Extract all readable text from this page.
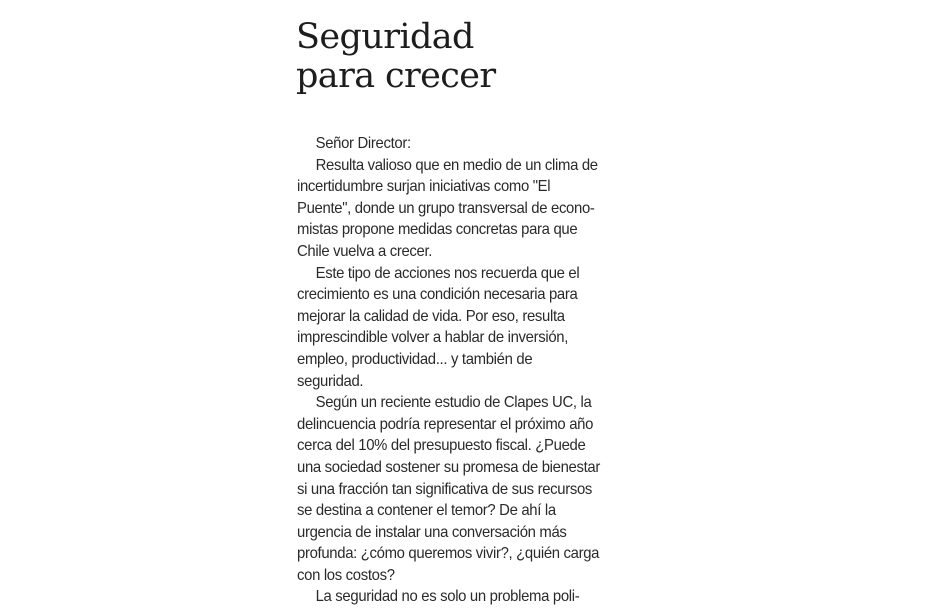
Seguridad
para crecer
Señor Director:
Resulta valioso que en medio de un clima de
incertidumbre surjan iniciativas como "El
Puente", donde un grupo transversal de econo-
mistas propone medidas concretas para que
Chile vuelva a crecer.
Este tipo de acciones nos recuerda que el
crecimiento es una condición necesaria para
mejorar la calidad de vida. Por eso, resulta
imprescindible volver a hablar de inversión,
empleo, productividad... y también de
seguridad.
Según un reciente estudio de Clapes UC, la
delincuencia podría representar el próximo año
cerca del 10% del presupuesto fiscal. ¿Puede
una sociedad sostener su promesa de bienestar
si una fracción tan significativa de sus recursos
se destina a contener el temor? De ahí la
urgencia de instalar una conversación más
profunda: ¿cómo queremos vivir?, ¿quién carga
con los costos?
La seguridad no es solo un problema poli-
